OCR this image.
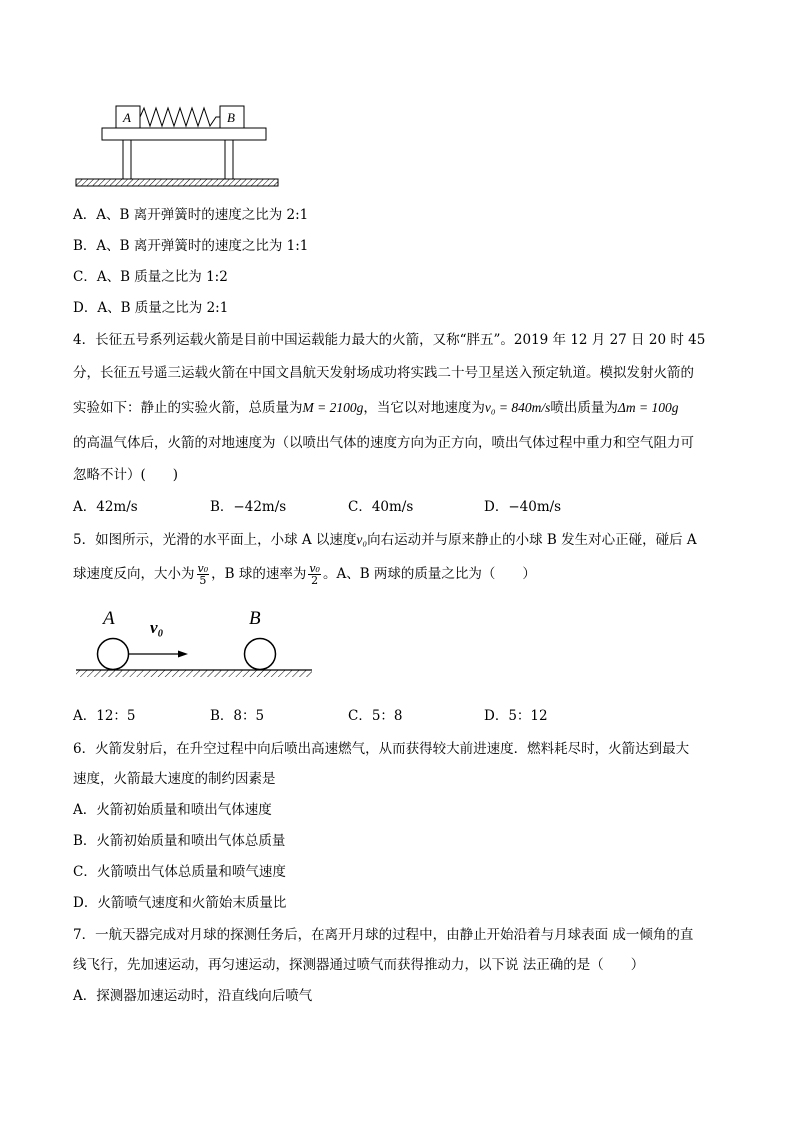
A	B
A．A、B 离开弹簧时的速度之比为 2:1
B．A、B 离开弹簧时的速度之比为 1:1
C．A、B 质量之比为 1:2
D．A、B 质量之比为 2:1
4．长征五号系列运载火箭是目前中国运载能力最大的火箭，又称“胖五”。2019 年 12 月 27 日 20 时 45
分，长征五号遥三运载火箭在中国文昌航天发射场成功将实践二十号卫星送入预定轨道。模拟发射火箭的
实验如下：静止的实验火箭，总质量为M = 2100g，当它以对地速度为v₀ = 840m/s喷出质量为Δm = 100g
的高温气体后，火箭的对地速度为（以喷出气体的速度方向为正方向，喷出气体过程中重力和空气阻力可
忽略不计）(　　)
A．42m/s	B．−42m/s	C．40m/s	D．−40m/s
5．如图所示，光滑的水平面上，小球 A 以速度v₀向右运动并与原来静止的小球 B 发生对心正碰，碰后 A
球速度反向，大小为 $\frac{\text{v₀}}{5}$ ，B 球的速率为 $\frac{\text{v₀}}{2}$ 。A、B 两球的质量之比为（　　）
A	B
v₀
A．12：5	B．8：5	C．5：8	D．5：12
6．火箭发射后，在升空过程中向后喷出高速燃气，从而获得较大前进速度．燃料耗尽时，火箭达到最大
速度，火箭最大速度的制约因素是
A．火箭初始质量和喷出气体速度
B．火箭初始质量和喷出气体总质量
C．火箭喷出气体总质量和喷气速度
D．火箭喷气速度和火箭始末质量比
7．一航天器完成对月球的探测任务后，在离开月球的过程中，由静止开始沿着与月球表面 成一倾角的直
线飞行，先加速运动，再匀速运动，探测器通过喷气而获得推动力，以下说 法正确的是（　　）
A．探测器加速运动时，沿直线向后喷气
